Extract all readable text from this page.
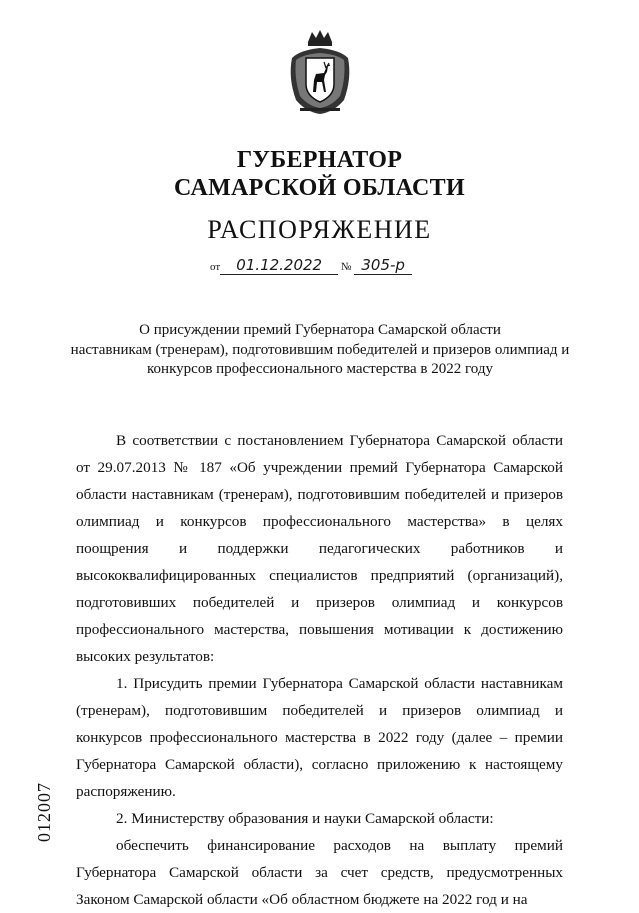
ГУБЕРНАТОР
САМАРСКОЙ ОБЛАСТИ
РАСПОРЯЖЕНИЕ
от 01.12.2022 № 305-р
О присуждении премий Губернатора Самарской области
наставникам (тренерам), подготовившим победителей и призеров олимпиад и
конкурсов профессионального мастерства в 2022 году

В соответствии с постановлением Губернатора Самарской области от 29.07.2013 № 187 «Об учреждении премий Губернатора Самарской области наставникам (тренерам), подготовившим победителей и призеров олимпиад и конкурсов профессионального мастерства» в целях поощрения и поддержки педагогических работников и высококвалифицированных специалистов предприятий (организаций), подготовивших победителей и призеров олимпиад и конкурсов профессионального мастерства, повышения мотивации к достижению высоких результатов:

1. Присудить премии Губернатора Самарской области наставникам (тренерам), подготовившим победителей и призеров олимпиад и конкурсов профессионального мастерства в 2022 году (далее – премии Губернатора Самарской области), согласно приложению к настоящему распоряжению.

2. Министерству образования и науки Самарской области:

обеспечить финансирование расходов на выплату премий Губернатора Самарской области за счет средств, предусмотренных Законом Самарской области «Об областном бюджете на 2022 год и на

012007
